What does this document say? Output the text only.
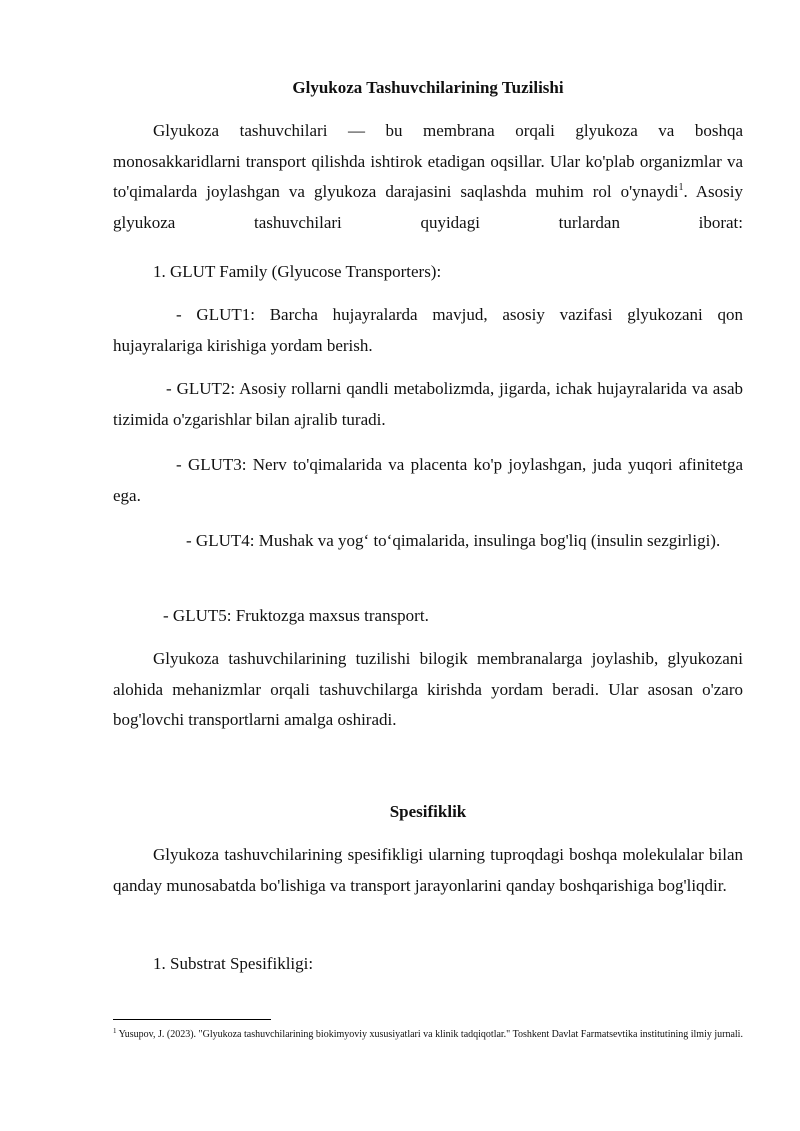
Glyukoza Tashuvchilarining Tuzilishi

Glyukoza tashuvchilari — bu membrana orqali glyukoza va boshqa monosakkaridlarni transport qilishda ishtirok etadigan oqsillar. Ular ko'plab organizmlar va to'qimalarda joylashgan va glyukoza darajasini saqlashda muhim rol o'ynaydi$^1$. Asosiy glyukoza tashuvchilari quyidagi turlardan iborat:

1. GLUT Family (Glyucose Transporters):

- GLUT1: Barcha hujayralarda mavjud, asosiy vazifasi glyukozani qon hujayralariga kirishiga yordam berish.

- GLUT2: Asosiy rollarni qandli metabolizmda, jigarda, ichak hujayralarida va asab tizimida o'zgarishlar bilan ajralib turadi.

- GLUT3: Nerv to'qimalarida va placenta ko'p joylashgan, juda yuqori afinitetga ega.

- GLUT4: Mushak va yog‘ to‘qimalarida, insulinga bog'liq (insulin sezgirligi).

- GLUT5: Fruktozga maxsus transport.

Glyukoza tashuvchilarining tuzilishi bilogik membranalarga joylashib, glyukozani alohida mehanizmlar orqali tashuvchilarga kirishda yordam beradi. Ular asosan o'zaro bog'lovchi transportlarni amalga oshiradi.

Spesifiklik

Glyukoza tashuvchilarining spesifikligi ularning tuproqdagi boshqa molekulalar bilan qanday munosabatda bo'lishiga va transport jarayonlarini qanday boshqarishiga bog'liqdir.

1. Substrat Spesifikligi:

$^1$ Yusupov, J. (2023). "Glyukoza tashuvchilarining biokimyoviy xususiyatlari va klinik tadqiqotlar." Toshkent Davlat Farmatsevtika institutining ilmiy jurnali.
